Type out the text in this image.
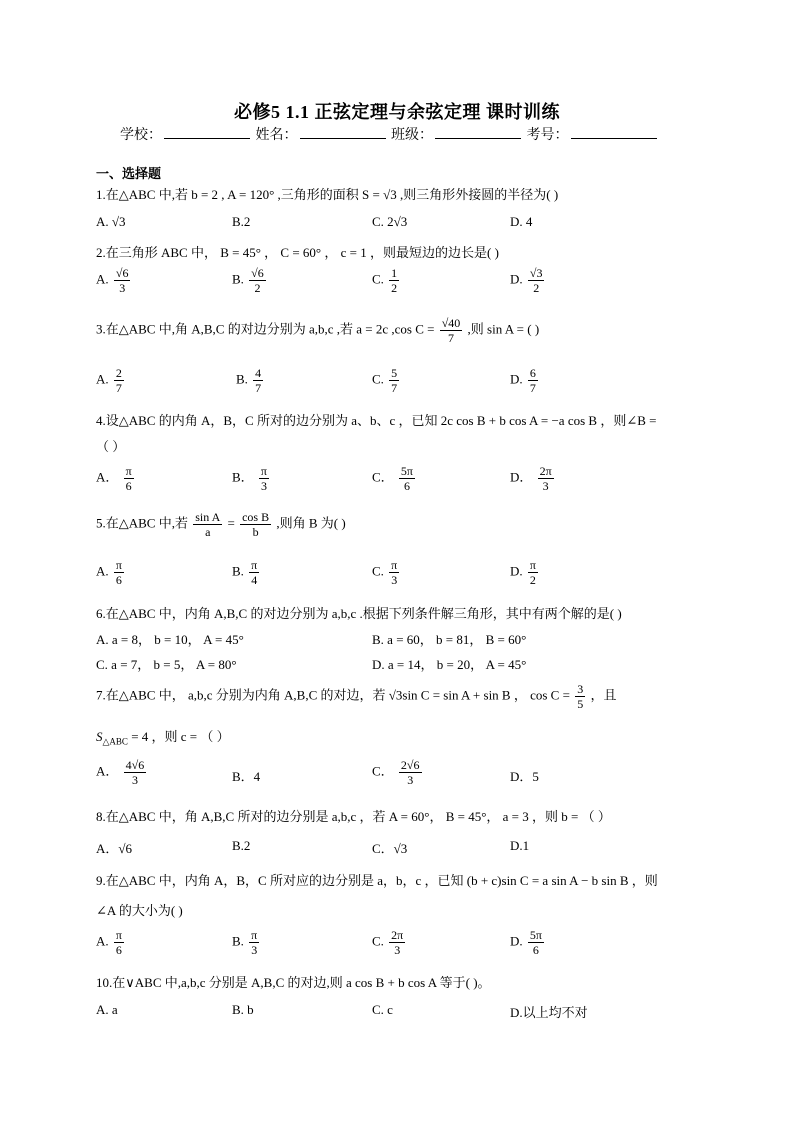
必修5 1.1 正弦定理与余弦定理 课时训练
学校：	姓名：	班级：	考号：
一、选择题
1.在△ABC 中,若 b = 2 , A = 120° ,三角形的面积 S = √3 ,则三角形外接圆的半径为( )
A. √3	B.2	C. 2√3	D. 4
2.在三角形 ABC 中， B = 45° ， C = 60° ， c = 1 ，则最短边的边长是( )
A. $\frac{√6}{3}$	B. $\frac{√6}{2}$	C. $\frac{1}{2}$	D. $\frac{√3}{2}$
3.在△ABC 中,角 A,B,C 的对边分别为 a,b,c ,若 a = 2c ,cos $C = \frac{√40}{7}$ ,则 sin A = ( )
A. $\frac{2}{7}$	B. $\frac{4}{7}$	C. $\frac{5}{7}$	D. $\frac{6}{7}$
4.设△ABC 的内角 A，B，C 所对的边分别为 a、b、c ，已知 2c cos B + b cos A = −a cos B ，则∠B =
（ ）
A． $\frac{\pi}{6}$	B． $\frac{\pi}{3}$	C． $\frac{5\pi}{6}$	D． $\frac{2\pi}{3}$
5.在△ABC 中,若 $\frac{\text{sin A}}{a} = \frac{\text{cos B}}{b}$ ,则角 B 为( )
A. $\frac{\pi}{6}$	B. $\frac{\pi}{4}$	C. $\frac{\pi}{3}$	D. $\frac{\pi}{2}$
6.在△ABC 中，内角 A,B,C 的对边分别为 a,b,c .根据下列条件解三角形，其中有两个解的是( )
A. a = 8， b = 10， A = 45°	B. a = 60， b = 81， B = 60°
C. a = 7， b = 5， A = 80°	D. a = 14， b = 20， A = 45°
7.在△ABC 中， a,b,c 分别为内角 A,B,C 的对边，若 √3sin C = sin A + sin B ， $\cos C = \frac{3}{5}$ ，且
$S_{\triangle ABC} = 4$ ，则 c = （ ）
A． $\frac{4√6}{3}$	B．4	C． $\frac{2√6}{3}$	D．5
8.在△ABC 中，角 A,B,C 所对的边分别是 a,b,c ，若 A = 60°， B = 45°， a = 3 ，则 b = （ ）
A．√6	B.2	C．√3	D.1
9.在△ABC 中，内角 A，B，C 所对应的边分别是 a，b，c ，已知 (b + c)sin C = a sin A − b sin B ，则
∠A 的大小为( )
A. $\frac{\pi}{6}$	B. $\frac{\pi}{3}$	C. $\frac{2\pi}{3}$	D. $\frac{5\pi}{6}$
10.在∨ABC 中,a,b,c 分别是 A,B,C 的对边,则 a cos B + b cos A 等于( )。
A. a	B. b	C. c	D.以上均不对
